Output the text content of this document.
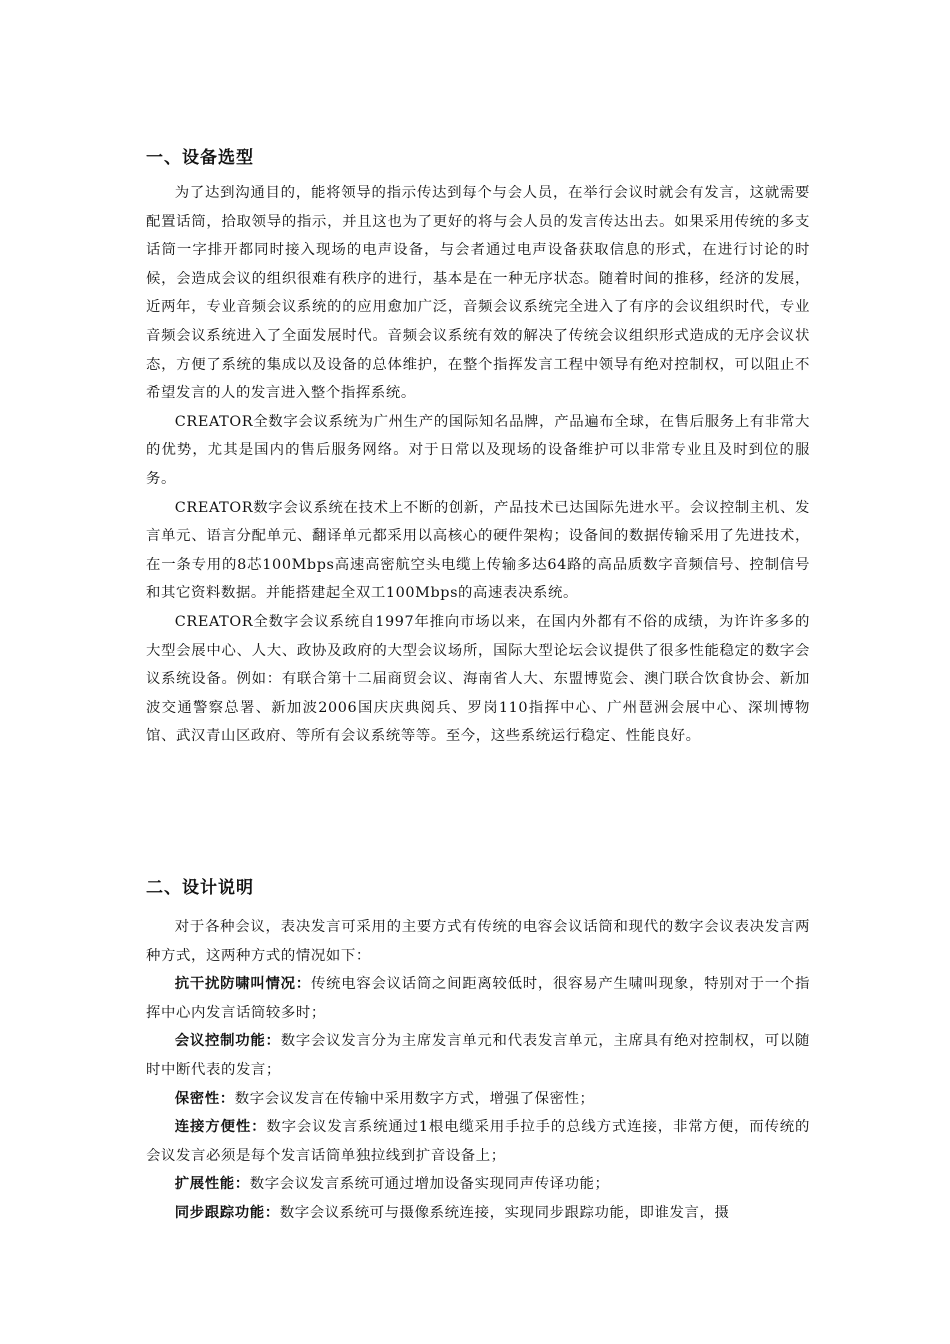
一、设备选型

为了达到沟通目的，能将领导的指示传达到每个与会人员，在举行会议时就会有发言，这就需要配置话筒，拾取领导的指示，并且这也为了更好的将与会人员的发言传达出去。如果采用传统的多支话筒一字排开都同时接入现场的电声设备，与会者通过电声设备获取信息的形式，在进行讨论的时候，会造成会议的组织很难有秩序的进行，基本是在一种无序状态。随着时间的推移，经济的发展，近两年，专业音频会议系统的的应用愈加广泛，音频会议系统完全进入了有序的会议组织时代，专业音频会议系统进入了全面发展时代。音频会议系统有效的解决了传统会议组织形式造成的无序会议状态，方便了系统的集成以及设备的总体维护，在整个指挥发言工程中领导有绝对控制权，可以阻止不希望发言的人的发言进入整个指挥系统。

CREATOR全数字会议系统为广州生产的国际知名品牌，产品遍布全球，在售后服务上有非常大的优势，尤其是国内的售后服务网络。对于日常以及现场的设备维护可以非常专业且及时到位的服务。

CREATOR数字会议系统在技术上不断的创新，产品技术已达国际先进水平。会议控制主机、发言单元、语言分配单元、翻译单元都采用以高核心的硬件架构；设备间的数据传输采用了先进技术，在一条专用的8芯100Mbps高速高密航空头电缆上传输多达64路的高品质数字音频信号、控制信号和其它资料数据。并能搭建起全双工100Mbps的高速表决系统。

CREATOR全数字会议系统自1997年推向市场以来，在国内外都有不俗的成绩，为许许多多的大型会展中心、人大、政协及政府的大型会议场所，国际大型论坛会议提供了很多性能稳定的数字会议系统设备。例如：有联合第十二届商贸会议、海南省人大、东盟博览会、澳门联合饮食协会、新加波交通警察总署、新加波2006国庆庆典阅兵、罗岗110指挥中心、广州琶洲会展中心、深圳博物馆、武汉青山区政府、等所有会议系统等等。至今，这些系统运行稳定、性能良好。

二、设计说明

对于各种会议，表决发言可采用的主要方式有传统的电容会议话筒和现代的数字会议表决发言两种方式，这两种方式的情况如下：

抗干扰防啸叫情况：传统电容会议话筒之间距离较低时，很容易产生啸叫现象，特别对于一个指挥中心内发言话筒较多时；

会议控制功能：数字会议发言分为主席发言单元和代表发言单元，主席具有绝对控制权，可以随时中断代表的发言；

保密性：数字会议发言在传输中采用数字方式，增强了保密性；

连接方便性：数字会议发言系统通过1根电缆采用手拉手的总线方式连接，非常方便，而传统的会议发言必须是每个发言话筒单独拉线到扩音设备上；

扩展性能：数字会议发言系统可通过增加设备实现同声传译功能；

同步跟踪功能：数字会议系统可与摄像系统连接，实现同步跟踪功能，即谁发言，摄
